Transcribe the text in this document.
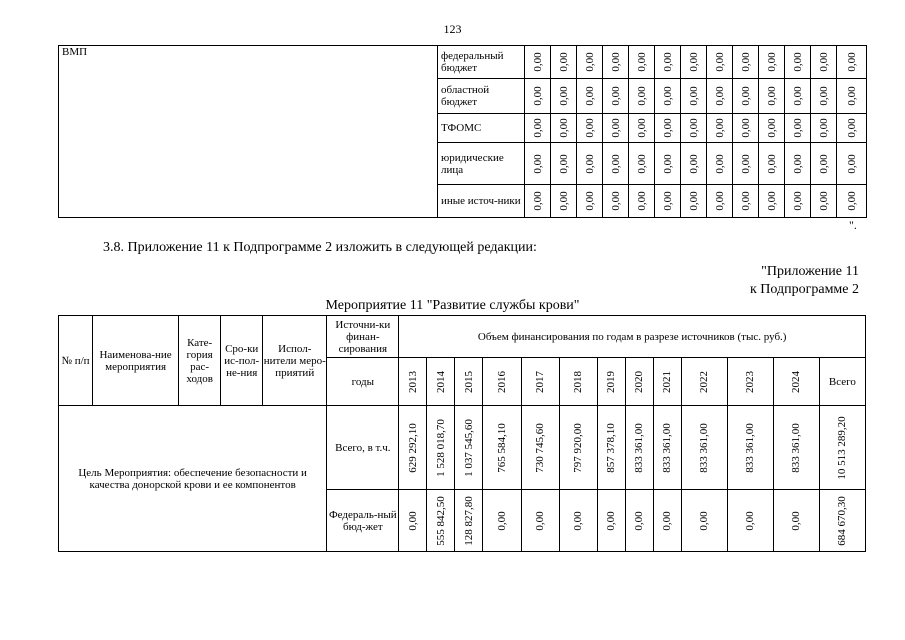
123
ВМП	федеральный бюджет	0,00	0,00	0,00	0,00	0,00	0,00	0,00	0,00	0,00	0,00	0,00	0,00	0,00

	областной бюджет	0,00	0,00	0,00	0,00	0,00	0,00	0,00	0,00	0,00	0,00	0,00	0,00	0,00

	ТФОМС	0,00	0,00	0,00	0,00	0,00	0,00	0,00	0,00	0,00	0,00	0,00	0,00	0,00

	юридические лица	0,00	0,00	0,00	0,00	0,00	0,00	0,00	0,00	0,00	0,00	0,00	0,00	0,00

	иные источ-ники	0,00	0,00	0,00	0,00	0,00	0,00	0,00	0,00	0,00	0,00	0,00	0,00	0,00
".
3.8. Приложение 11 к Подпрограмме 2 изложить в следующей редакции:
"Приложение 11
к Подпрограмме 2
Мероприятие 11 "Развитие службы крови"
№ п/п	Наименова-ние мероприятия	Кате-гория рас-ходов	Сро-ки ис-пол-не-ния	Испол-нители меро-приятий	Источни-ки финан-сирования	Объем финансирования по годам в разрезе источников (тыс. руб.)												
					годы	2013	2014	2015	2016	2017	2018	2019	2020	2021	2022	2023	2024	Всего
Цель Мероприятия: обеспечение безопасности и качества донорской крови и ее компонентов					Всего, в т.ч.	629 292,10	1 528 018,70	1 037 545,60	765 584,10	730 745,60	797 920,00	857 378,10	833 361,00	833 361,00	833 361,00	833 361,00	833 361,00	10 513 289,20

					Федераль-ный бюд-жет	0,00	555 842,50	128 827,80	0,00	0,00	0,00	0,00	0,00	0,00	0,00	0,00	0,00	684 670,30
